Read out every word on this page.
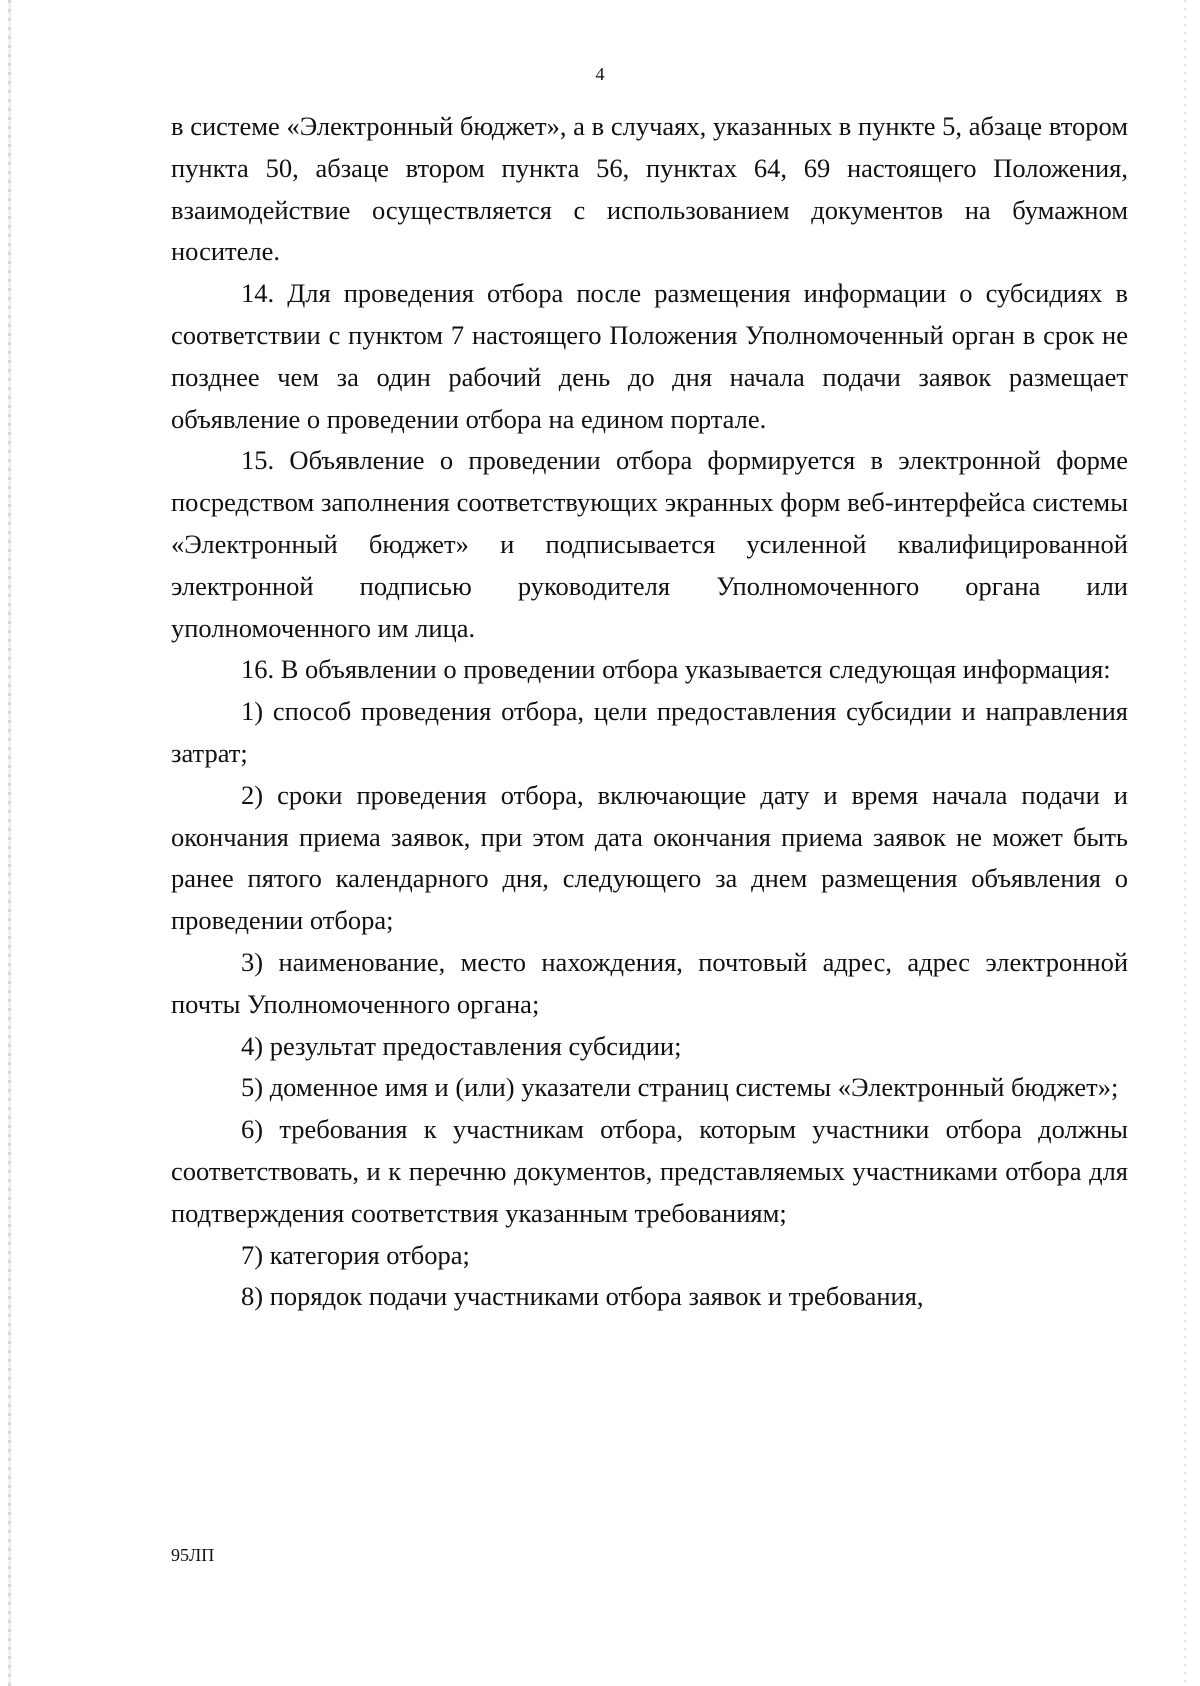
4

в системе «Электронный бюджет», а в случаях, указанных в пункте 5, абзаце втором пункта 50, абзаце втором пункта 56, пунктах 64, 69 настоящего Положения, взаимодействие осуществляется с использованием документов на бумажном носителе.

14. Для проведения отбора после размещения информации о субсидиях в соответствии с пунктом 7 настоящего Положения Уполномоченный орган в срок не позднее чем за один рабочий день до дня начала подачи заявок размещает объявление о проведении отбора на едином портале.

15. Объявление о проведении отбора формируется в электронной форме посредством заполнения соответствующих экранных форм веб-интерфейса системы «Электронный бюджет» и подписывается усиленной квалифицированной электронной подписью руководителя Уполномоченного органа или уполномоченного им лица.

16. В объявлении о проведении отбора указывается следующая информация:

1) способ проведения отбора, цели предоставления субсидии и направления затрат;

2) сроки проведения отбора, включающие дату и время начала подачи и окончания приема заявок, при этом дата окончания приема заявок не может быть ранее пятого календарного дня, следующего за днем размещения объявления о проведении отбора;

3) наименование, место нахождения, почтовый адрес, адрес электронной почты Уполномоченного органа;

4) результат предоставления субсидии;

5) доменное имя и (или) указатели страниц системы «Электронный бюджет»;

6) требования к участникам отбора, которым участники отбора должны соответствовать, и к перечню документов, представляемых участниками отбора для подтверждения соответствия указанным требованиям;

7) категория отбора;

8) порядок подачи участниками отбора заявок и требования,

95ЛП
